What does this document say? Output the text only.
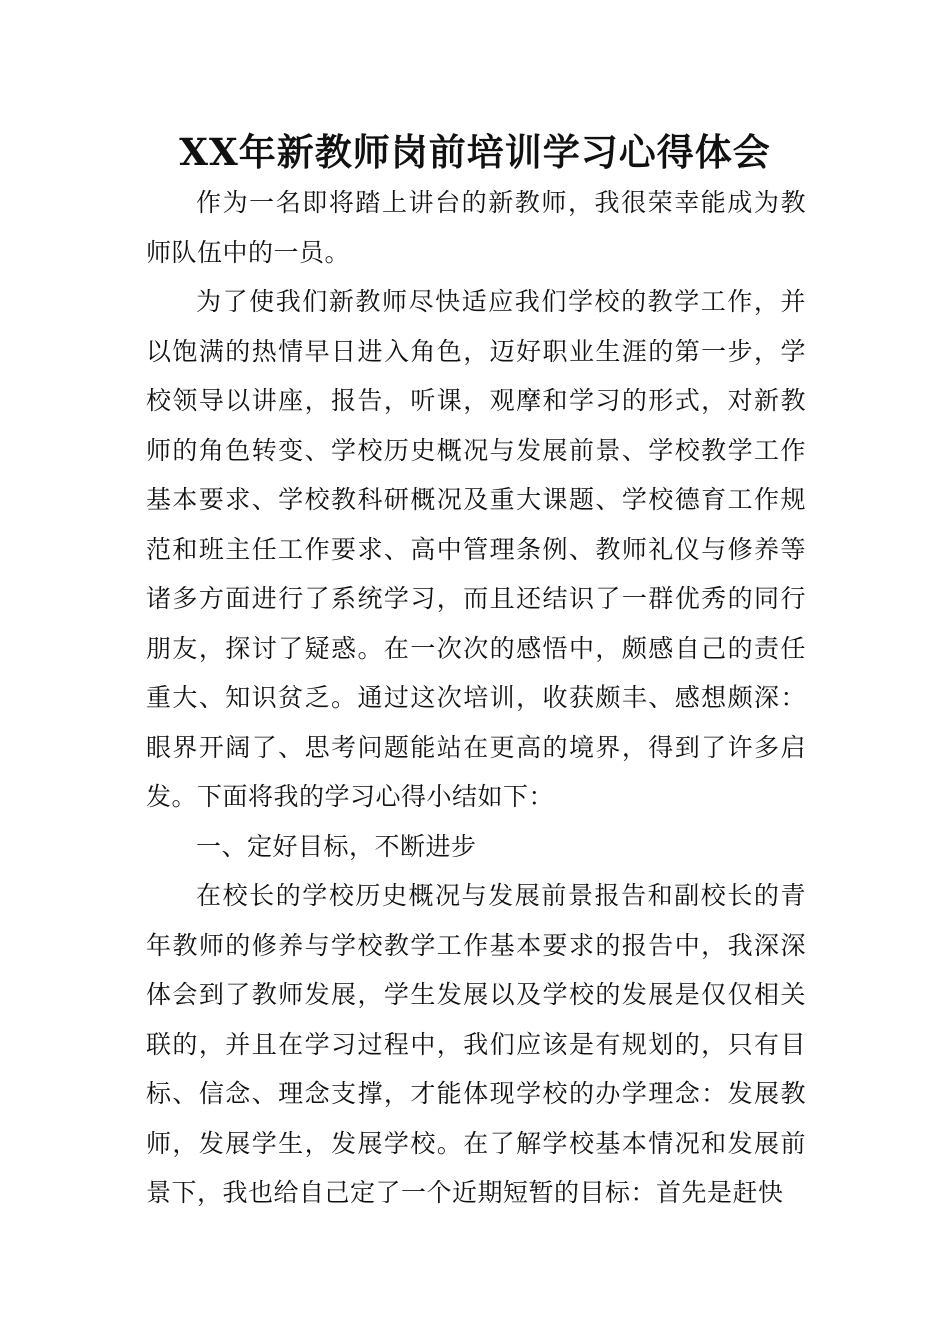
XX年新教师岗前培训学习心得体会

作为一名即将踏上讲台的新教师，我很荣幸能成为教师队伍中的一员。

为了使我们新教师尽快适应我们学校的教学工作，并以饱满的热情早日进入角色，迈好职业生涯的第一步，学校领导以讲座，报告，听课，观摩和学习的形式，对新教师的角色转变、学校历史概况与发展前景、学校教学工作基本要求、学校教科研概况及重大课题、学校德育工作规范和班主任工作要求、高中管理条例、教师礼仪与修养等诸多方面进行了系统学习，而且还结识了一群优秀的同行朋友，探讨了疑惑。在一次次的感悟中，颇感自己的责任重大、知识贫乏。通过这次培训，收获颇丰、感想颇深：眼界开阔了、思考问题能站在更高的境界，得到了许多启发。下面将我的学习心得小结如下：

一、定好目标，不断进步

在校长的学校历史概况与发展前景报告和副校长的青年教师的修养与学校教学工作基本要求的报告中，我深深体会到了教师发展，学生发展以及学校的发展是仅仅相关联的，并且在学习过程中，我们应该是有规划的，只有目标、信念、理念支撑，才能体现学校的办学理念：发展教师，发展学生，发展学校。在了解学校基本情况和发展前景下，我也给自己定了一个近期短暂的目标：首先是赶快
